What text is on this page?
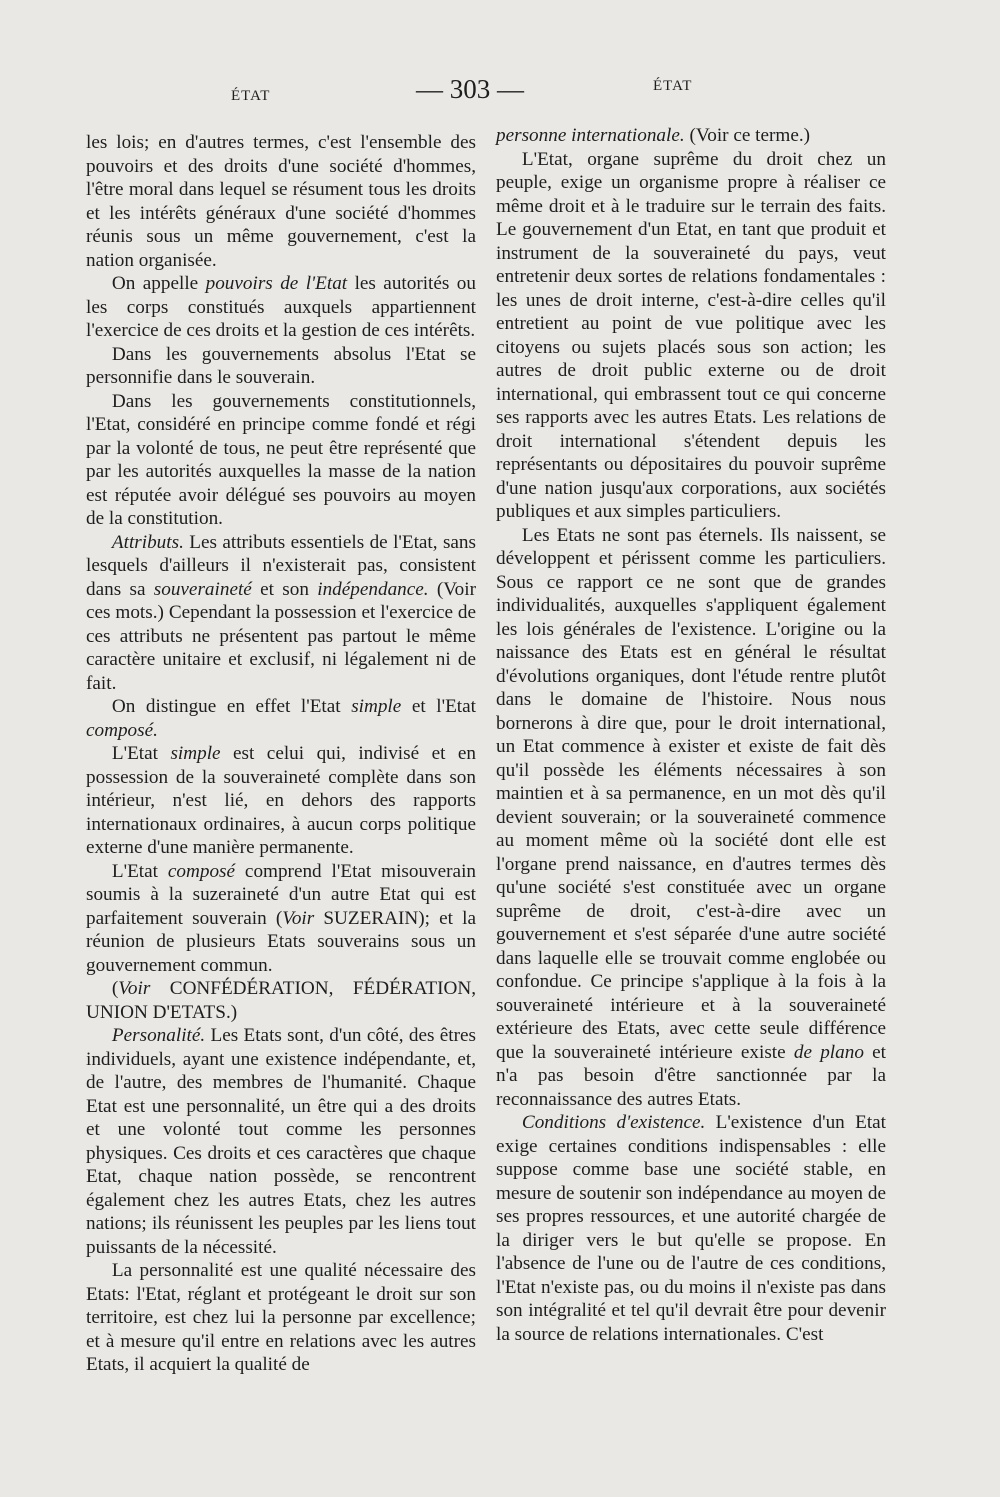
ÉTAT	— 303 —	ÉTAT

les lois; en d'autres termes, c'est l'ensemble des pouvoirs et des droits d'une société d'hommes, l'être moral dans lequel se résument tous les droits et les intérêts généraux d'une société d'hommes réunis sous un même gouvernement, c'est la nation organisée.

On appelle pouvoirs de l'Etat les autorités ou les corps constitués auxquels appartiennent l'exercice de ces droits et la gestion de ces intérêts.

Dans les gouvernements absolus l'Etat se personnifie dans le souverain.

Dans les gouvernements constitutionnels, l'Etat, considéré en principe comme fondé et régi par la volonté de tous, ne peut être représenté que par les autorités auxquelles la masse de la nation est réputée avoir délégué ses pouvoirs au moyen de la constitution.

Attributs. Les attributs essentiels de l'Etat, sans lesquels d'ailleurs il n'existerait pas, consistent dans sa souveraineté et son indépendance. (Voir ces mots.) Cependant la possession et l'exercice de ces attributs ne présentent pas partout le même caractère unitaire et exclusif, ni légalement ni de fait.

On distingue en effet l'Etat simple et l'Etat composé.

L'Etat simple est celui qui, indivisé et en possession de la souveraineté complète dans son intérieur, n'est lié, en dehors des rapports internationaux ordinaires, à aucun corps politique externe d'une manière permanente.

L'Etat composé comprend l'Etat misouverain soumis à la suzeraineté d'un autre Etat qui est parfaitement souverain (Voir SUZERAIN); et la réunion de plusieurs Etats souverains sous un gouvernement commun.

(Voir CONFÉDÉRATION, FÉDÉRATION, UNION D'ETATS.)

Personalité. Les Etats sont, d'un côté, des êtres individuels, ayant une existence indépendante, et, de l'autre, des membres de l'humanité. Chaque Etat est une personnalité, un être qui a des droits et une volonté tout comme les personnes physiques. Ces droits et ces caractères que chaque Etat, chaque nation possède, se rencontrent également chez les autres Etats, chez les autres nations; ils réunissent les peuples par les liens tout puissants de la nécessité.

La personnalité est une qualité nécessaire des Etats: l'Etat, réglant et protégeant le droit sur son territoire, est chez lui la personne par excellence; et à mesure qu'il entre en relations avec les autres Etats, il acquiert la qualité de

personne internationale. (Voir ce terme.)

L'Etat, organe suprême du droit chez un peuple, exige un organisme propre à réaliser ce même droit et à le traduire sur le terrain des faits. Le gouvernement d'un Etat, en tant que produit et instrument de la souveraineté du pays, veut entretenir deux sortes de relations fondamentales : les unes de droit interne, c'est-à-dire celles qu'il entretient au point de vue politique avec les citoyens ou sujets placés sous son action; les autres de droit public externe ou de droit international, qui embrassent tout ce qui concerne ses rapports avec les autres Etats. Les relations de droit international s'étendent depuis les représentants ou dépositaires du pouvoir suprême d'une nation jusqu'aux corporations, aux sociétés publiques et aux simples particuliers.

Les Etats ne sont pas éternels. Ils naissent, se développent et périssent comme les particuliers. Sous ce rapport ce ne sont que de grandes individualités, auxquelles s'appliquent également les lois générales de l'existence. L'origine ou la naissance des Etats est en général le résultat d'évolutions organiques, dont l'étude rentre plutôt dans le domaine de l'histoire. Nous nous bornerons à dire que, pour le droit international, un Etat commence à exister et existe de fait dès qu'il possède les éléments nécessaires à son maintien et à sa permanence, en un mot dès qu'il devient souverain; or la souveraineté commence au moment même où la société dont elle est l'organe prend naissance, en d'autres termes dès qu'une société s'est constituée avec un organe suprême de droit, c'est-à-dire avec un gouvernement et s'est séparée d'une autre société dans laquelle elle se trouvait comme englobée ou confondue. Ce principe s'applique à la fois à la souveraineté intérieure et à la souveraineté extérieure des Etats, avec cette seule différence que la souveraineté intérieure existe de plano et n'a pas besoin d'être sanctionnée par la reconnaissance des autres Etats.

Conditions d'existence. L'existence d'un Etat exige certaines conditions indispensables : elle suppose comme base une société stable, en mesure de soutenir son indépendance au moyen de ses propres ressources, et une autorité chargée de la diriger vers le but qu'elle se propose. En l'absence de l'une ou de l'autre de ces conditions, l'Etat n'existe pas, ou du moins il n'existe pas dans son intégralité et tel qu'il devrait être pour devenir la source de relations internationales. C'est
